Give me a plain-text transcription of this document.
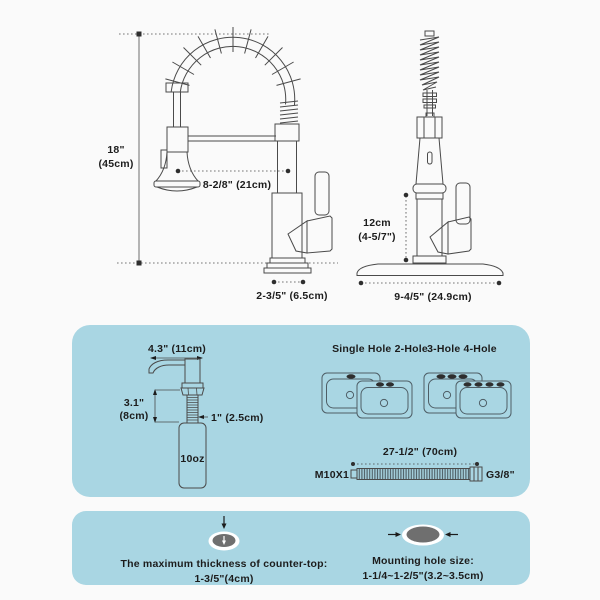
18"
(45cm)
8-2/8" (21cm)
2-3/5" (6.5cm)
12cm
(4-5/7")
9-4/5" (24.9cm)
4.3" (11cm)
10oz
3.1"
(8cm)	1" (2.5cm)
Single Hole 2-Hole 3-Hole 4-Hole
27-1/2" (70cm)
M10X1	G3/8"
The maximum thickness of counter-top:
1-3/5"(4cm)
Mounting hole size:
1-1/4~1-2/5"(3.2~3.5cm)
